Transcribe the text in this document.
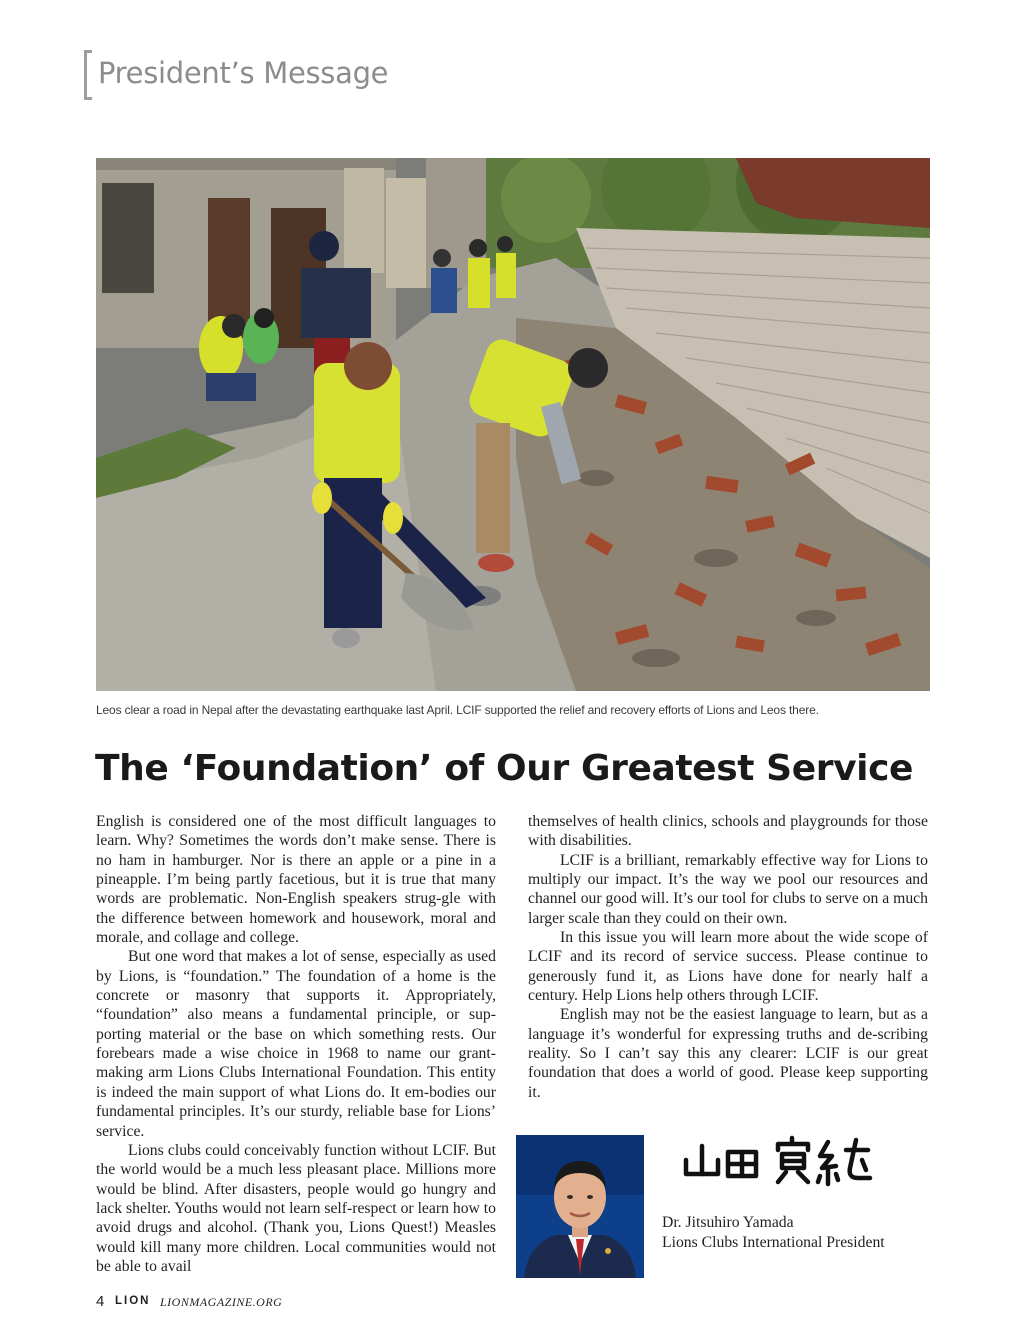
President’s Message
Leos clear a road in Nepal after the devastating earthquake last April. LCIF supported the relief and recovery efforts of Lions and Leos there.
The ‘Foundation’ of Our Greatest Service

English is considered one of the most difficult languages to learn. Why? Sometimes the words don’t make sense. There is no ham in hamburger. Nor is there an apple or a pine in a pineapple. I’m being partly facetious, but it is true that many words are problematic. Non-English speakers strug-gle with the difference between homework and housework, moral and morale, and collage and college.

But one word that makes a lot of sense, especially as used by Lions, is “foundation.” The foundation of a home is the concrete or masonry that supports it. Appropriately, “foundation” also means a fundamental principle, or sup-porting material or the base on which something rests. Our forebears made a wise choice in 1968 to name our grant-making arm Lions Clubs International Foundation. This entity is indeed the main support of what Lions do. It em-bodies our fundamental principles. It’s our sturdy, reliable base for Lions’ service.

Lions clubs could conceivably function without LCIF. But the world would be a much less pleasant place. Millions more would be blind. After disasters, people would go hungry and lack shelter. Youths would not learn self-respect or learn how to avoid drugs and alcohol. (Thank you, Lions Quest!) Measles would kill many more children. Local communities would not be able to avail

themselves of health clinics, schools and playgrounds for those with disabilities.

LCIF is a brilliant, remarkably effective way for Lions to multiply our impact. It’s the way we pool our resources and channel our good will. It’s our tool for clubs to serve on a much larger scale than they could on their own.

In this issue you will learn more about the wide scope of LCIF and its record of service success. Please continue to generously fund it, as Lions have done for nearly half a century. Help Lions help others through LCIF.

English may not be the easiest language to learn, but as a language it’s wonderful for expressing truths and de-scribing reality. So I can’t say this any clearer: LCIF is our great foundation that does a world of good. Please keep supporting it.

Dr. Jitsuhiro Yamada
Lions Clubs International President
4 LION LIONMAGAZINE.ORG
